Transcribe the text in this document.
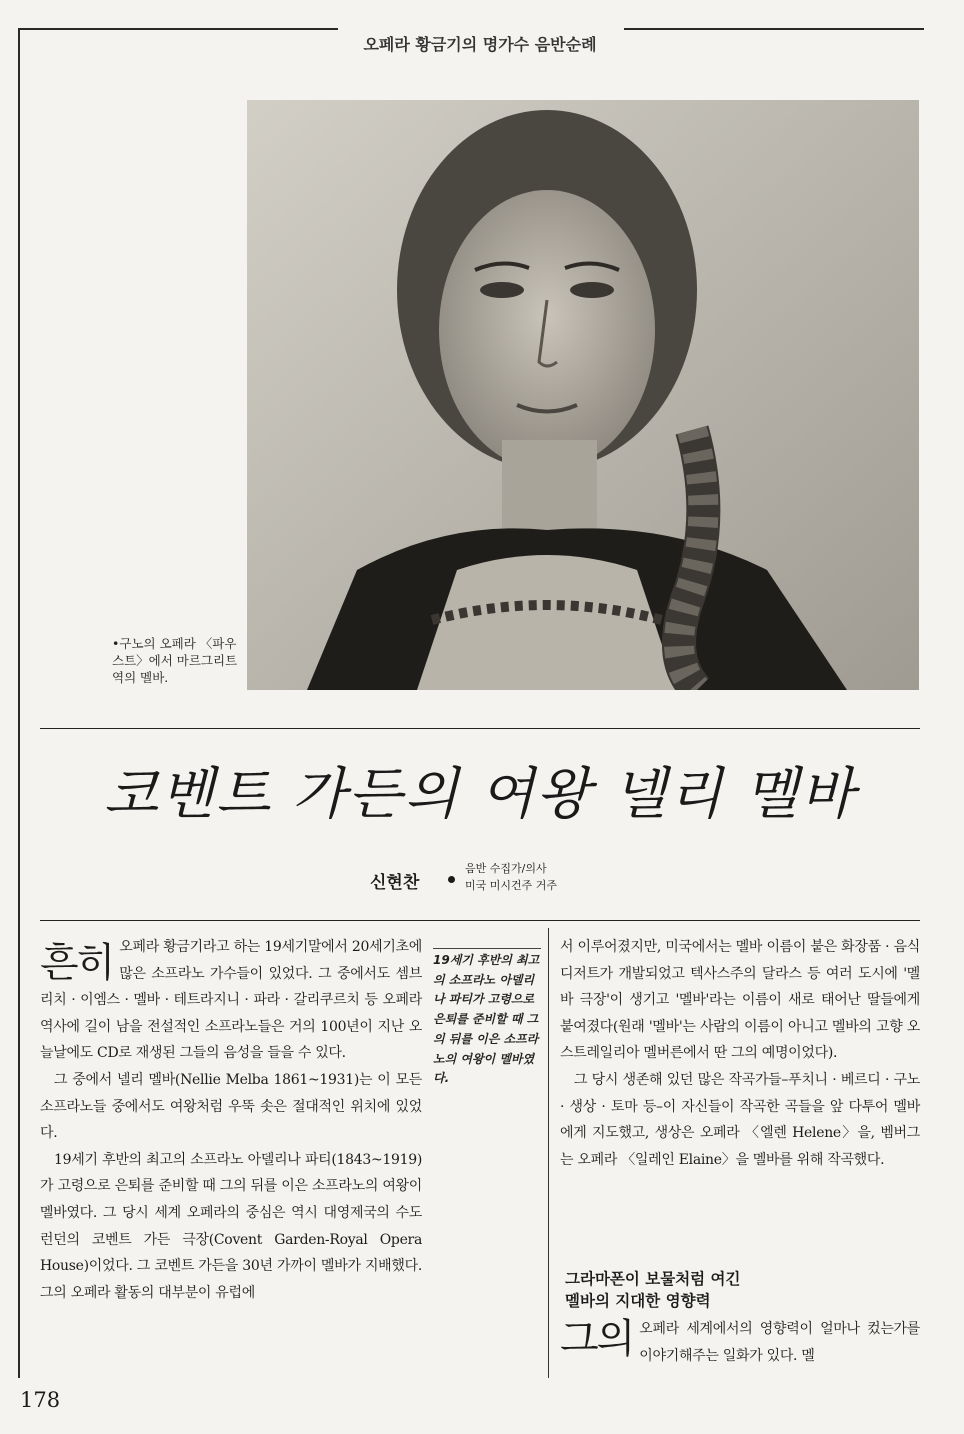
오페라 황금기의 명가수 음반순례
•구노의 오페라 〈파우스트〉에서 마르그리트역의 멜바.
코벤트 가든의 여왕 넬리 멜바
신현찬
음반 수집가/의사
미국 미시건주 거주

흔히 오페라 황금기라고 하는 19세기말에서 20세기초에 많은 소프라노 가수들이 있었다. 그 중에서도 셈브리치 · 이엠스 · 멜바 · 테트라지니 · 파라 · 갈리쿠르치 등 오페라 역사에 길이 남을 전설적인 소프라노들은 거의 100년이 지난 오늘날에도 CD로 재생된 그들의 음성을 들을 수 있다.

그 중에서 넬리 멜바(Nellie Melba 1861~1931)는 이 모든 소프라노들 중에서도 여왕처럼 우뚝 솟은 절대적인 위치에 있었다.

19세기 후반의 최고의 소프라노 아델리나 파티(1843~1919)가 고령으로 은퇴를 준비할 때 그의 뒤를 이은 소프라노의 여왕이 멜바였다. 그 당시 세계 오페라의 중심은 역시 대영제국의 수도 런던의 코벤트 가든 극장(Covent Garden-Royal Opera House)이었다. 그 코벤트 가든을 30년 가까이 멜바가 지배했다. 그의 오페라 활동의 대부분이 유럽에

19세기 후반의 최고의 소프라노 아델리나 파티가 고령으로 은퇴를 준비할 때 그의 뒤를 이은 소프라노의 여왕이 멜바였다.

서 이루어졌지만, 미국에서는 멜바 이름이 붙은 화장품 · 음식 디저트가 개발되었고 텍사스주의 달라스 등 여러 도시에 '멜바 극장'이 생기고 '멜바'라는 이름이 새로 태어난 딸들에게 붙여졌다(원래 '멜바'는 사람의 이름이 아니고 멜바의 고향 오스트레일리아 멜버른에서 딴 그의 예명이었다).

그 당시 생존해 있던 많은 작곡가들–푸치니 · 베르디 · 구노 · 생상 · 토마 등–이 자신들이 작곡한 곡들을 앞 다투어 멜바에게 지도했고, 생상은 오페라 〈엘렌 Helene〉을, 벰버그는 오페라 〈일레인 Elaine〉을 멜바를 위해 작곡했다.

그라마폰이 보물처럼 여긴
멜바의 지대한 영향력

그의 오페라 세계에서의 영향력이 얼마나 컸는가를 이야기해주는 일화가 있다. 멜

178
